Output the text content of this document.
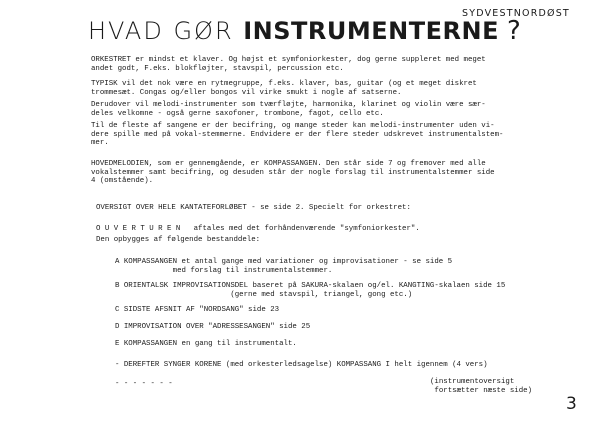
HVAD GØR INSTRUMENTERNE ?
SYDVESTNORDØST
ORKESTRET er mindst et klaver. Og højst et symfoniorkester, dog gerne suppleret med meget
andet godt, F.eks. blokfløjter, stavspil, percussion etc.
TYPISK vil det nok være en rytmegruppe, f.eks. klaver, bas, guitar (og et meget diskret
trommesæt. Congas og/eller bongos vil virke smukt i nogle af satserne.
Derudover vil melodi-instrumenter som tværfløjte, harmonika, klarinet og violin være sær-
deles velkomne - også gerne saxofoner, trombone, fagot, cello etc.
Til de fleste af sangene er der becifring, og mange steder kan melodi-instrumenter uden vi-
dere spille med på vokal-stemmerne. Endvidere er der flere steder udskrevet instrumentalstem-
mer.
HOVEDMELODIEN, som er gennemgående, er KOMPASSANGEN. Den står side 7 og fremover med alle
vokalstemmer samt becifring, og desuden står der nogle forslag til instrumentalstemmer side
4 (omstående).
OVERSIGT OVER HELE KANTATEFORLØBET - se side 2. Specielt for orkestret:
O U V E R T U R E N   aftales med det forhåndenværende "symfoniorkester".
Den opbygges af følgende bestanddele:
A KOMPASSANGEN et antal gange med variationer og improvisationer - se side 5
med forslag til instrumentalstemmer.
B ORIENTALSK IMPROVISATIONSDEL baseret på SAKURA-skalaen og/el. KANGTING-skalaen side 15
(gerne med stavspil, triangel, gong etc.)
C SIDSTE AFSNIT AF "NORDSANG" side 23
D IMPROVISATION OVER "ADRESSESANGEN" side 25
E KOMPASSANGEN en gang til instrumentalt.
- DEREFTER SYNGER KORENE (med orkesterledsagelse) KOMPASSANG I helt igennem (4 vers)
- - - - - - -	(instrumentoversigt
fortsætter næste side)
3
